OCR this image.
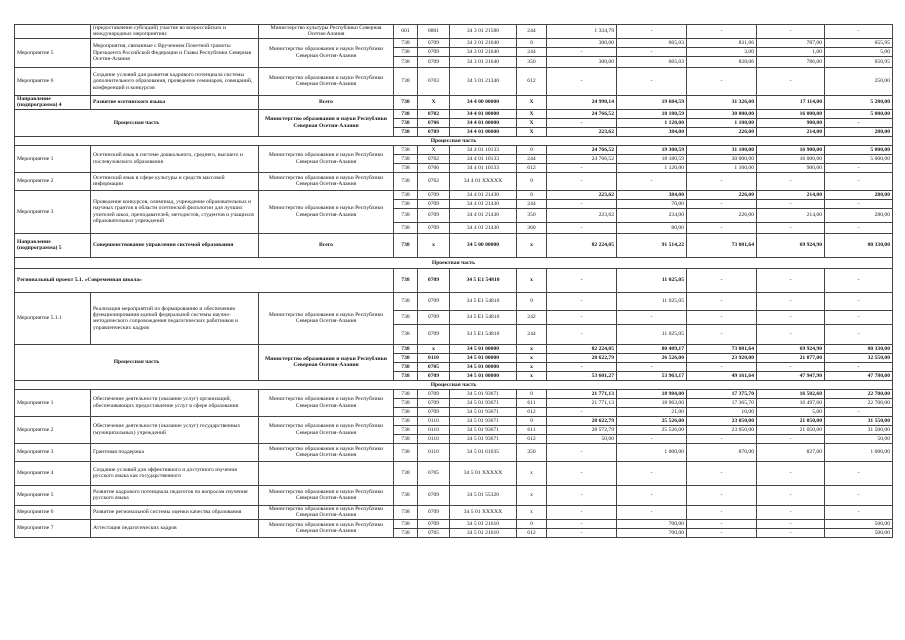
	(предоставление субсидий) участие во всероссийских и международных мероприятиях	Министерство культуры Республики Северная Осетия-Алания	601	0801	34 3 01 21580	244	1 334,79	-	-	-	-
Мероприятие 5	Мероприятия, связанные с Вручением Почетной грамоты Президента Российской Федерации и Главы Республики Северная Осетия-Алания	Министерство образования и науки Республики Северная Осетия-Алания	738	0709	34 3 01 21640	0	300,00	665,03	831,06	787,00	655,95
			738	0709	34 3 01 21640	244	-	-	3,00	1,00	5,00
			738	0709	34 3 01 21640	350	300,00	665,03	828,06	786,00	650,95
Мероприятие 6	Создание условий для развития кадрового потенциала системы дополнительного образования, проведение семинаров, совещаний, конференций и конкурсов	Министерство образования и науки Республики Северная Осетия-Алания	738	0703	34 3 01 21340	612	-	-	-	-	250,00
Направление (подпрограмма) 4	Развитие осетинского языка	Всего	738	Х	34 4 00 00000	Х	24 990,14	19 684,59	31 326,00	17 114,00	5 280,00
Процессная часть		Министерство образования и науки Республики Северная Осетия-Алания	738	0702	34 4 01 00000	Х	24 766,52	18 180,59	30 000,00	16 000,00	5 000,00
			738	0706	34 4 01 00000	Х	-	1 120,00	1 100,00	900,00	-
			738	0709	34 4 01 00000	Х	223,62	384,00	226,00	214,00	280,00
Процессная часть											
Мероприятие 1	Осетинский язык в системе дошкольного, среднего, высшего и послевузовского образования	Министерство образования и науки Республики Северная Осетия-Алания	738	Х	34 4 01 10133	0	24 766,52	19 300,59	31 100,00	16 900,00	5 000,00
			738	0702	34 4 01 10133	244	24 766,52	18 180,59	30 000,00	16 000,00	5 000,00
			738	0706	34 4 01 10133	612	-	1 120,00	1 100,00	900,00	-
Мероприятие 2	Осетинский язык в сфере культуры и средств массовой информации	Министерство образования и науки Республики Северная Осетия-Алания	738	0702	34 4 01 XXXXX	0	-	-	-	-	-
Мероприятие 3	Проведение конкурсов, олимпиад, учреждение образовательных и научных грантов в области осетинской филологии для лучших учителей школ, преподавателей, методистов, студентов и учащихся образовательных учреждений	Министерство образования и науки Республики Северная Осетия-Алания	738	0709	34 4 01 21430	0	223,62	384,00	226,00	214,00	280,00
			738	0709	34 4 01 21430	244	-	70,00	-	-	-
			738	0709	34 4 01 21430	350	223,62	234,00	226,00	214,00	280,00
			738	0709	34 4 01 21430	360	-	80,00	-	-	-
Направление (подпрограмма) 5	Совершенствование управления системой образования	Всего	738	х	34 5 00 00000	х	82 224,05	91 514,22	73 081,64	69 924,90	80 330,00
Проектная часть											
Региональный проект 5.1. «Современная школа»			738	0709	34 5 E1 54810	х	-	11 025,05	-	-	-
Мероприятие 5.1.1	Реализация мероприятий по формированию и обеспечению функционирования единой федеральной системы научно-методического сопровождения педагогических работников и управленческих кадров	Министерство образования и науки Республики Северная Осетия-Алания	738	0709	34 5 E1 54810	0	-	11 025,05	-	-	-
			738	0709	34 5 E1 54810	242	-	-	-	-	-
			738	0709	34 5 E1 54810	244	-	11 025,05	-	-	-
Процессная часть		Министерство образования и науки Республики Северная Осетия-Алания	738	х	34 5 01 00000	х	82 224,05	80 489,17	73 081,64	69 924,90	80 330,00
			738	0110	34 5 01 00000	х	28 622,79	26 526,00	23 920,00	21 877,00	32 550,00
			738	0705	34 5 01 00000	х	-	-	-	-	-
			738	0709	34 5 01 00000	х	53 601,27	53 963,17	49 161,64	47 947,90	47 780,00
Процессная часть											
Мероприятие 1	Обеспечение деятельности (оказание услуг) организаций, обеспечивающих предоставление услуг в сфере образования	Министерство образования и науки Республики Северная Осетия-Алания	738	0709	34 5 01 93671	0	21 771,13	18 984,00	17 375,70	16 502,60	22 700,00
			738	0709	34 5 01 93671	611	21 771,13	18 963,00	17 365,70	16 497,60	22 700,00
			738	0709	34 5 01 93671	612	-	21,00	10,00	5,00	-
Мероприятие 2	Обеспечение деятельности (оказание услуг) государственных (муниципальных) учреждений	Министерство образования и науки Республики Северная Осетия-Алания	738	0110	34 5 01 93671	0	28 622,79	25 526,00	23 050,00	21 050,00	31 550,00
			738	0110	34 5 01 93671	611	28 572,79	25 526,00	23 050,00	21 050,00	31 500,00
			738	0110	34 5 01 93671	612	50,00	-	-	-	50,00
Мероприятие 3	Грантовая поддержка	Министерство образования и науки Республики Северная Осетия-Алания	738	0110	34 5 01 61035	350	-	1 000,00	870,00	827,00	1 000,00
Мероприятие 4	Создание условий для эффективного и доступного изучения русского языка как государственного		738	0705	34 5 01 XXXXX	х	-	-	-	-	-
Мероприятие 5	Развитие кадрового потенциала педагогов по вопросам изучения русского языка	Министерство образования и науки Республики Северная Осетия-Алания	738	0709	34 5 01 55320	х	-	-	-	-	-
Мероприятие 6	Развитие региональной системы оценки качества образования	Министерство образования и науки Республики Северная Осетия-Алания	738	0709	34 5 01 XXXXX	х	-	-	-	-	-
Мероприятие 7	Аттестация педагогических кадров	Министерство образования и науки Республики Северная Осетия-Алания	738	0709	34 5 01 21610	0	-	700,00	-	-	500,00
			738	0705	34 5 01 21610	612	-	700,00	-	-	500,00
